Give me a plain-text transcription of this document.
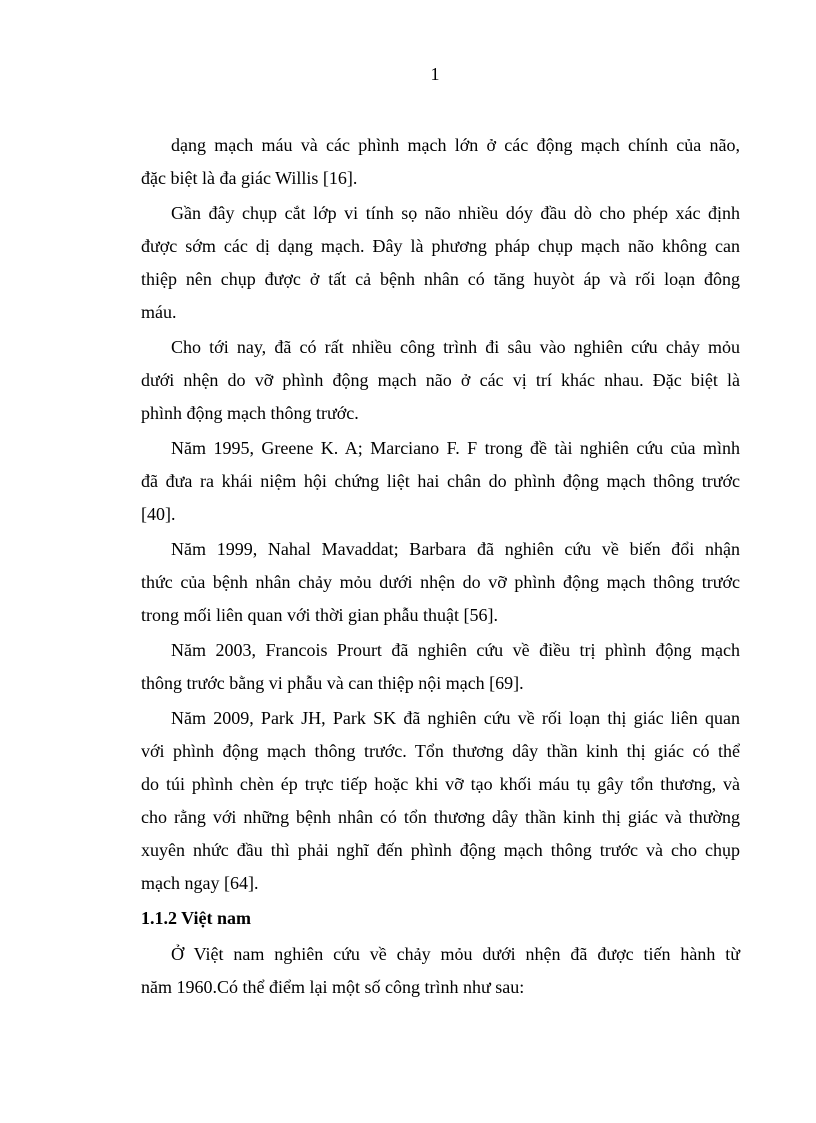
1
dạng mạch máu và các phình mạch lớn ở các động mạch chính của não,
đặc biệt là đa giác Willis [16].
Gần đây chụp cắt lớp vi tính sọ não nhiều dóy đầu dò cho phép xác định
được sớm các dị dạng mạch. Đây là phương pháp chụp mạch não không can
thiệp nên chụp được ở tất cả bệnh nhân có tăng huyòt áp và rối loạn đông
máu.
Cho tới nay, đã có rất nhiều công trình đi sâu vào nghiên cứu chảy mỏu
dưới nhện do vỡ phình động mạch não ở các vị trí khác nhau. Đặc biệt là
phình động mạch thông trước.
Năm 1995, Greene K. A; Marciano F. F trong đề tài nghiên cứu của mình
đã đưa ra khái niệm hội chứng liệt hai chân do phình động mạch thông trước
[40].
Năm 1999, Nahal Mavaddat; Barbara đã nghiên cứu về biến đổi nhận
thức của bệnh nhân chảy mỏu dưới nhện do vỡ phình động mạch thông trước
trong mối liên quan với thời gian phẫu thuật [56].
Năm 2003, Francois Prourt đã nghiên cứu về điều trị phình động mạch
thông trước bằng vi phẫu và can thiệp nội mạch [69].
Năm 2009, Park JH, Park SK đã nghiên cứu về rối loạn thị giác liên quan
với phình động mạch thông trước. Tổn thương dây thần kinh thị giác có thể
do túi phình chèn ép trực tiếp hoặc khi vỡ tạo khối máu tụ gây tổn thương, và
cho rằng với những bệnh nhân có tổn thương dây thần kinh thị giác và thường
xuyên nhức đầu thì phải nghĩ đến phình động mạch thông trước và cho chụp
mạch ngay [64].
1.1.2 Việt nam
Ở Việt nam nghiên cứu về chảy mỏu dưới nhện đã được tiến hành từ
năm 1960.Có thể điểm lại một số công trình như sau:
